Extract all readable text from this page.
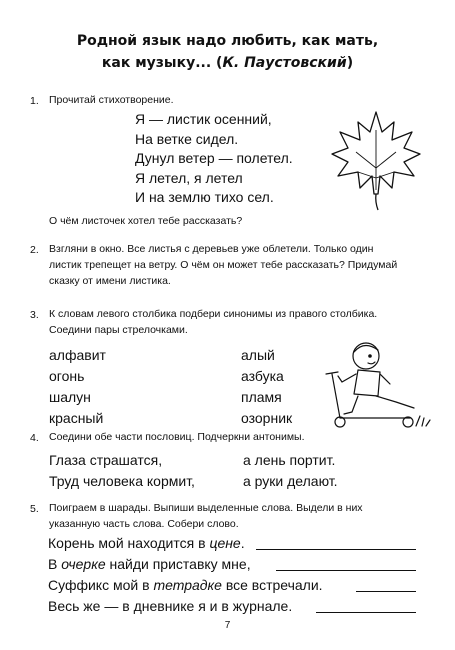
Родной язык надо любить, как мать,
как музыку... (К. Паустовский)
1. Прочитай стихотворение.
Я — листик осенний,
На ветке сидел.
Дунул ветер — полетел.
Я летел, я летел
И на землю тихо сел.
О чём листочек хотел тебе рассказать?
2. Взгляни в окно. Все листья с деревьев уже облетели. Только один
листик трепещет на ветру. О чём он может тебе рассказать? Придумай
сказку от имени листика.
3. К словам левого столбика подбери синонимы из правого столбика.
Соедини пары стрелочками.
алфавит
огонь
шалун
красный
алый
азбука
пламя
озорник
4. Соедини обе части пословиц. Подчеркни антонимы.
Глаза страшатся,
Труд человека кормит,
а лень портит.
а руки делают.
5. Поиграем в шарады. Выпиши выделенные слова. Выдели в них
указанную часть слова. Собери слово.
Корень мой находится в цене.
В очерке найди приставку мне,
Суффикс мой в тетрадке все встречали.
Весь же — в дневнике я и в журнале.
7
